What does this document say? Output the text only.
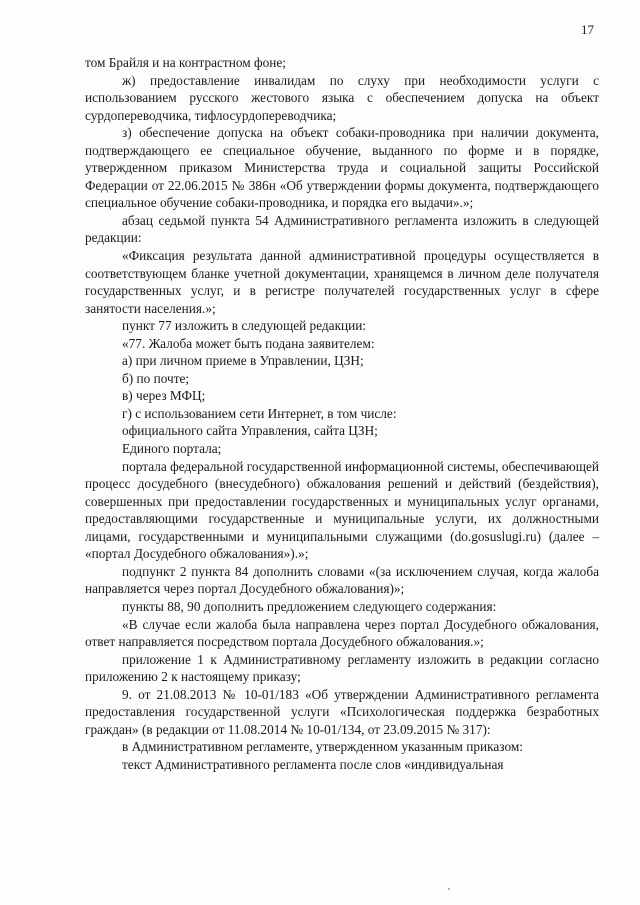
17

том Брайля и на контрастном фоне;

ж) предоставление инвалидам по слуху при необходимости услуги с использованием русского жестового языка с обеспечением допуска на объект сурдопереводчика, тифлосурдопереводчика;

з) обеспечение допуска на объект собаки-проводника при наличии документа, подтверждающего ее специальное обучение, выданного по форме и в порядке, утвержденном приказом Министерства труда и социальной защиты Российской Федерации от 22.06.2015 № 386н «Об утверждении формы документа, подтверждающего специальное обучение собаки-проводника, и порядка его выдачи».»;

абзац седьмой пункта 54 Административного регламента изложить в следующей редакции:

«Фиксация результата данной административной процедуры осуществляется в соответствующем бланке учетной документации, хранящемся в личном деле получателя государственных услуг, и в регистре получателей государственных услуг в сфере занятости населения.»;

пункт 77 изложить в следующей редакции:

«77. Жалоба может быть подана заявителем:

а) при личном приеме в Управлении, ЦЗН;

б) по почте;

в) через МФЦ;

г) с использованием сети Интернет, в том числе:

официального сайта Управления, сайта ЦЗН;

Единого портала;

портала федеральной государственной информационной системы, обеспечивающей процесс досудебного (внесудебного) обжалования решений и действий (бездействия), совершенных при предоставлении государственных и муниципальных услуг органами, предоставляющими государственные и муниципальные услуги, их должностными лицами, государственными и муниципальными служащими (do.gosuslugi.ru) (далее – «портал Досудебного обжалования»).»;

подпункт 2 пункта 84 дополнить словами «(за исключением случая, когда жалоба направляется через портал Досудебного обжалования)»;

пункты 88, 90 дополнить предложением следующего содержания:

«В случае если жалоба была направлена через портал Досудебного обжалования, ответ направляется посредством портала Досудебного обжалования.»;

приложение 1 к Административному регламенту изложить в редакции согласно приложению 2 к настоящему приказу;

9. от 21.08.2013 № 10-01/183 «Об утверждении Административного регламента предоставления государственной услуги «Психологическая поддержка безработных граждан» (в редакции от 11.08.2014 № 10-01/134, от 23.09.2015 № 317):

в Административном регламенте, утвержденном указанным приказом:

текст Административного регламента после слов «индивидуальная
